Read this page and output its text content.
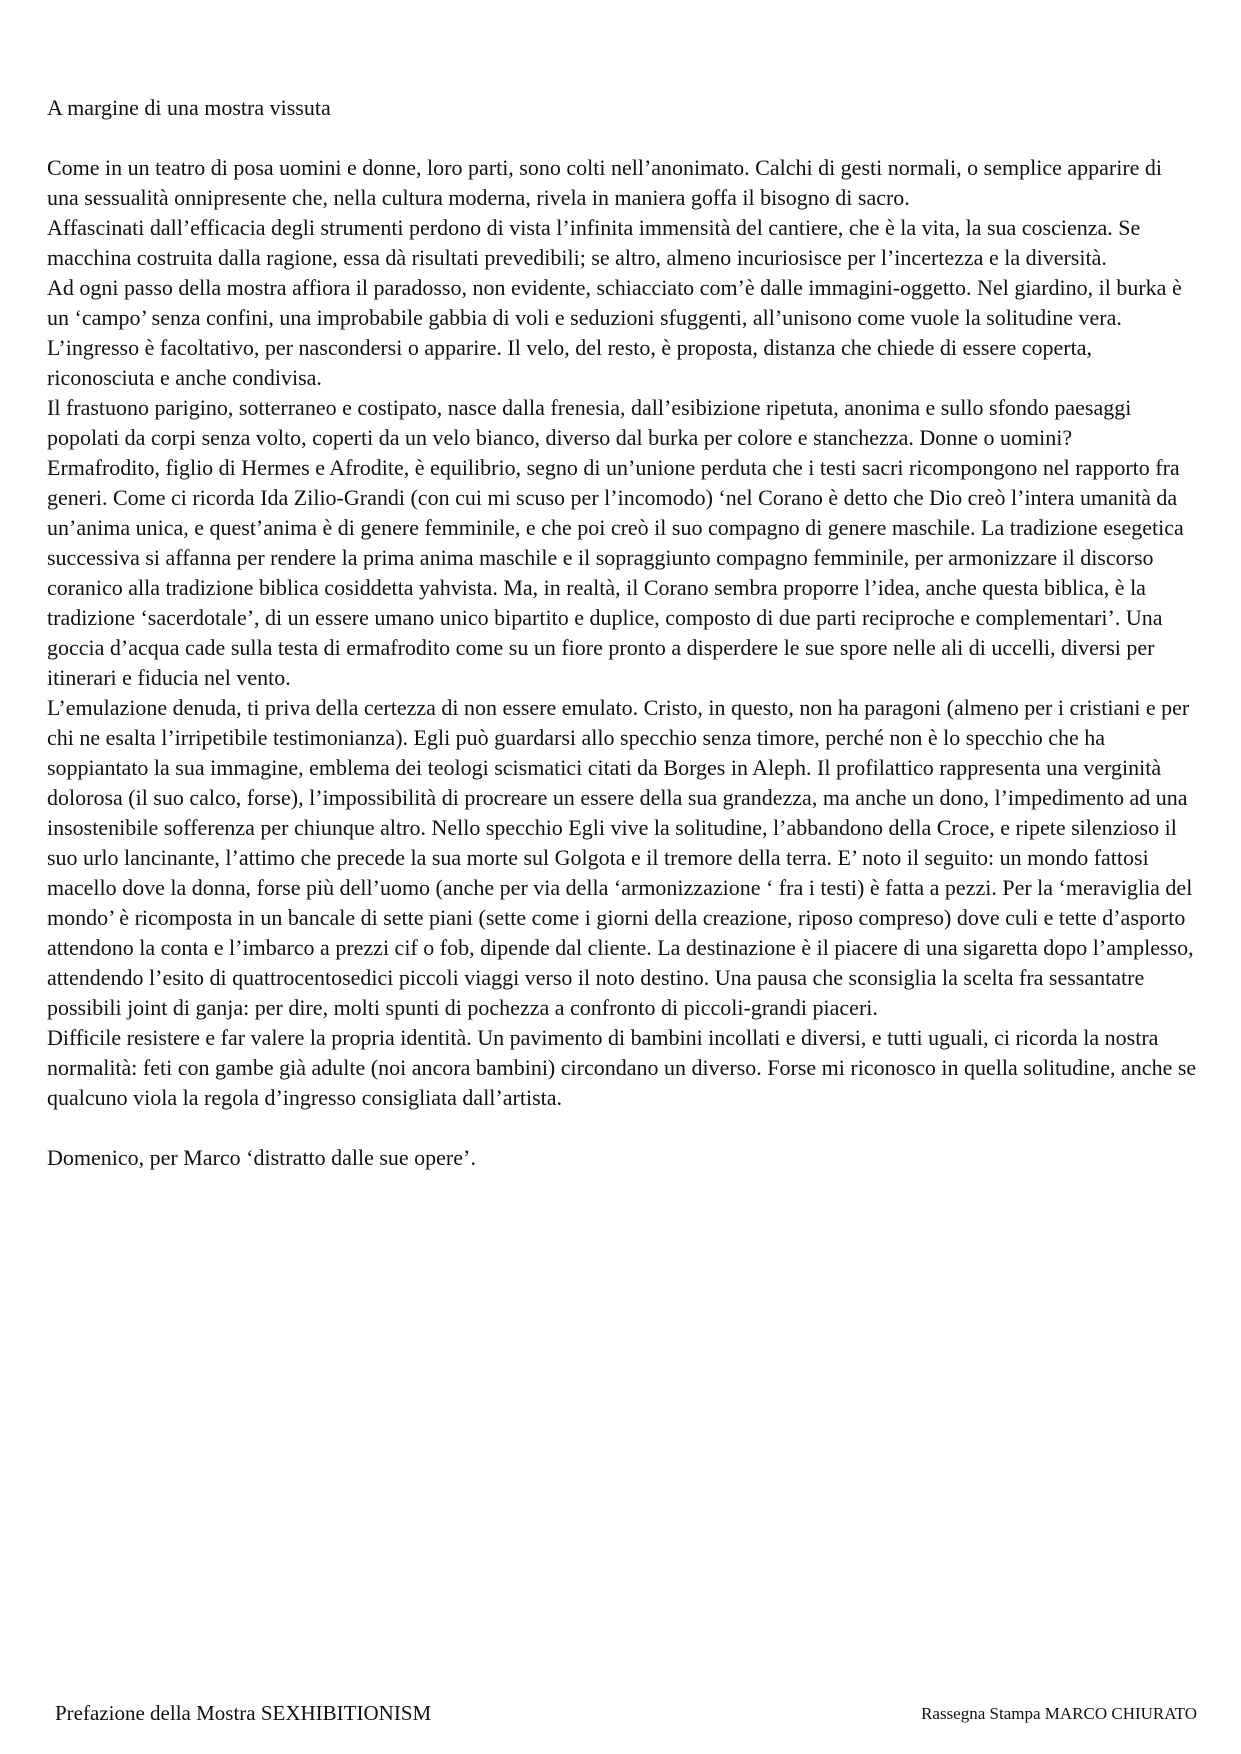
A margine di una mostra vissuta

Come in un teatro di posa uomini e donne, loro parti, sono colti nell’anonimato. Calchi di gesti normali, o semplice apparire di una sessualità onnipresente che, nella cultura moderna, rivela in maniera goffa il bisogno di sacro.

Affascinati dall’efficacia degli strumenti perdono di vista l’infinita immensità del cantiere, che è la vita, la sua coscienza. Se macchina costruita dalla ragione, essa dà risultati prevedibili; se altro, almeno incuriosisce per l’incertezza e la diversità.

Ad ogni passo della mostra affiora il paradosso, non evidente, schiacciato com’è dalle immagini-oggetto. Nel giardino, il burka è un ‘campo’ senza confini, una improbabile gabbia di voli e seduzioni sfuggenti, all’unisono come vuole la solitudine vera. L’ingresso è facoltativo, per nascondersi o apparire. Il velo, del resto, è proposta, distanza che chiede di essere coperta, riconosciuta e anche condivisa.

Il frastuono parigino, sotterraneo e costipato, nasce dalla frenesia, dall’esibizione ripetuta, anonima e sullo sfondo paesaggi popolati da corpi senza volto, coperti da un velo bianco, diverso dal burka per colore e stanchezza. Donne o uomini?

Ermafrodito, figlio di Hermes e Afrodite, è equilibrio, segno di un’unione perduta che i testi sacri ricompongono nel rapporto fra generi. Come ci ricorda Ida Zilio-Grandi (con cui mi scuso per l’incomodo) ‘nel Corano è detto che Dio creò l’intera umanità da un’anima unica, e quest’anima è di genere femminile, e che poi creò il suo compagno di genere maschile. La tradizione esegetica successiva si affanna per rendere la prima anima maschile e il sopraggiunto compagno femminile, per armonizzare il discorso coranico alla tradizione biblica cosiddetta yahvista. Ma, in realtà, il Corano sembra proporre l’idea, anche questa biblica, è la tradizione ‘sacerdotale’, di un essere umano unico bipartito e duplice, composto di due parti reciproche e complementari’. Una goccia d’acqua cade sulla testa di ermafrodito come su un fiore pronto a disperdere le sue spore nelle ali di uccelli, diversi per itinerari e fiducia nel vento.

L’emulazione denuda, ti priva della certezza di non essere emulato. Cristo, in questo, non ha paragoni (almeno per i cristiani e per chi ne esalta l’irripetibile testimonianza). Egli può guardarsi allo specchio senza timore, perché non è lo specchio che ha soppiantato la sua immagine, emblema dei teologi scismatici citati da Borges in Aleph. Il profilattico rappresenta una verginità dolorosa (il suo calco, forse), l’impossibilità di procreare un essere della sua grandezza, ma anche un dono, l’impedimento ad una insostenibile sofferenza per chiunque altro. Nello specchio Egli vive la solitudine, l’abbandono della Croce, e ripete silenzioso il suo urlo lancinante, l’attimo che precede la sua morte sul Golgota e il tremore della terra. E’ noto il seguito: un mondo fattosi macello dove la donna, forse più dell’uomo (anche per via della ‘armonizzazione ‘ fra i testi) è fatta a pezzi. Per la ‘meraviglia del mondo’ è ricomposta in un bancale di sette piani (sette come i giorni della creazione, riposo compreso) dove culi e tette d’asporto attendono la conta e l’imbarco a prezzi cif o fob, dipende dal cliente. La destinazione è il piacere di una sigaretta dopo l’amplesso, attendendo l’esito di quattrocentosedici piccoli viaggi verso il noto destino. Una pausa che sconsiglia la scelta fra sessantatre possibili joint di ganja: per dire, molti spunti di pochezza a confronto di piccoli-grandi piaceri.

Difficile resistere e far valere la propria identità. Un pavimento di bambini incollati e diversi, e tutti uguali, ci ricorda la nostra normalità: feti con gambe già adulte (noi ancora bambini) circondano un diverso. Forse mi riconosco in quella solitudine, anche se qualcuno viola la regola d’ingresso consigliata dall’artista.

Domenico, per Marco ‘distratto dalle sue opere’.

Prefazione della Mostra SEXHIBITIONISM	Rassegna Stampa MARCO CHIURATO
